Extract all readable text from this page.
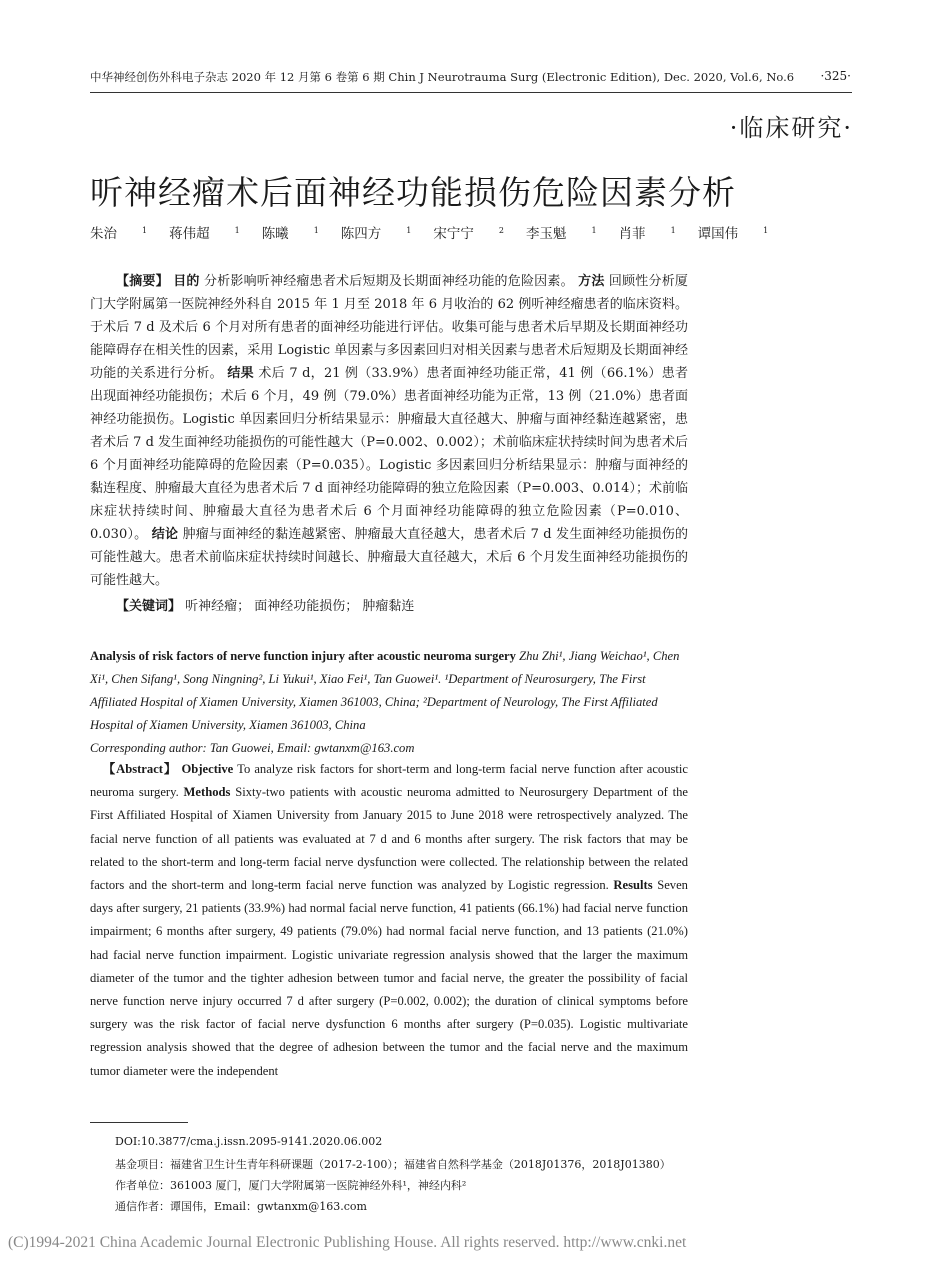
中华神经创伤外科电子杂志 2020 年 12 月第 6 卷第 6 期 Chin J Neurotrauma Surg (Electronic Edition), Dec. 2020, Vol.6, No.6 ·325·
·临床研究·
听神经瘤术后面神经功能损伤危险因素分析
朱治	$^1$ 蒋伟超	$^1$ 陈曦	$^1$ 陈四方	$^1$ 宋宁宁	$^2$ 李玉魁	$^1$ 肖菲	$^1$ 谭国伟	$^1$
【摘要】 目的 分析影响听神经瘤患者术后短期及长期面神经功能的危险因素。 方法 回顾性分析厦门大学附属第一医院神经外科自 2015 年 1 月至 2018 年 6 月收治的 62 例听神经瘤患者的临床资料。于术后 7 d 及术后 6 个月对所有患者的面神经功能进行评估。收集可能与患者术后早期及长期面神经功能障碍存在相关性的因素，采用 Logistic 单因素与多因素回归对相关因素与患者术后短期及长期面神经功能的关系进行分析。 结果 术后 7 d，21 例（33.9%）患者面神经功能正常，41 例（66.1%）患者出现面神经功能损伤；术后 6 个月，49 例（79.0%）患者面神经功能为正常，13 例（21.0%）患者面神经功能损伤。Logistic 单因素回归分析结果显示：肿瘤最大直径越大、肿瘤与面神经黏连越紧密，患者术后 7 d 发生面神经功能损伤的可能性越大（P=0.002、0.002）；术前临床症状持续时间为患者术后 6 个月面神经功能障碍的危险因素（P=0.035）。Logistic 多因素回归分析结果显示：肿瘤与面神经的黏连程度、肿瘤最大直径为患者术后 7 d 面神经功能障碍的独立危险因素（P=0.003、0.014）；术前临床症状持续时间、肿瘤最大直径为患者术后 6 个月面神经功能障碍的独立危险因素（P=0.010、0.030）。 结论 肿瘤与面神经的黏连越紧密、肿瘤最大直径越大，患者术后 7 d 发生面神经功能损伤的可能性越大。患者术前临床症状持续时间越长、肿瘤最大直径越大，术后 6 个月发生面神经功能损伤的可能性越大。
【关键词】 听神经瘤； 面神经功能损伤； 肿瘤黏连
Analysis of risk factors of nerve function injury after acoustic neuroma surgery Zhu Zhi¹, Jiang Weichao¹, Chen Xi¹, Chen Sifang¹, Song Ningning², Li Yukui¹, Xiao Fei¹, Tan Guowei¹. ¹Department of Neurosurgery, The First Affiliated Hospital of Xiamen University, Xiamen 361003, China; ²Department of Neurology, The First Affiliated Hospital of Xiamen University, Xiamen 361003, China
Corresponding author: Tan Guowei, Email: gwtanxm@163.com
【Abstract】 Objective To analyze risk factors for short-term and long-term facial nerve function after acoustic neuroma surgery. Methods Sixty-two patients with acoustic neuroma admitted to Neurosurgery Department of the First Affiliated Hospital of Xiamen University from January 2015 to June 2018 were retrospectively analyzed. The facial nerve function of all patients was evaluated at 7 d and 6 months after surgery. The risk factors that may be related to the short-term and long-term facial nerve dysfunction were collected. The relationship between the related factors and the short-term and long-term facial nerve function was analyzed by Logistic regression. Results Seven days after surgery, 21 patients (33.9%) had normal facial nerve function, 41 patients (66.1%) had facial nerve function impairment; 6 months after surgery, 49 patients (79.0%) had normal facial nerve function, and 13 patients (21.0%) had facial nerve function impairment. Logistic univariate regression analysis showed that the larger the maximum diameter of the tumor and the tighter adhesion between tumor and facial nerve, the greater the possibility of facial nerve function nerve injury occurred 7 d after surgery (P=0.002, 0.002); the duration of clinical symptoms before surgery was the risk factor of facial nerve dysfunction 6 months after surgery (P=0.035). Logistic multivariate regression analysis showed that the degree of adhesion between the tumor and the facial nerve and the maximum tumor diameter were the independent
DOI:10.3877/cma.j.issn.2095-9141.2020.06.002
基金项目：福建省卫生计生青年科研课题（2017-2-100）；福建省自然科学基金（2018J01376，2018J01380）
作者单位：361003 厦门，厦门大学附属第一医院神经外科¹，神经内科²
通信作者：谭国伟，Email：gwtanxm@163.com
(C)1994-2021 China Academic Journal Electronic Publishing House. All rights reserved. http://www.cnki.net
